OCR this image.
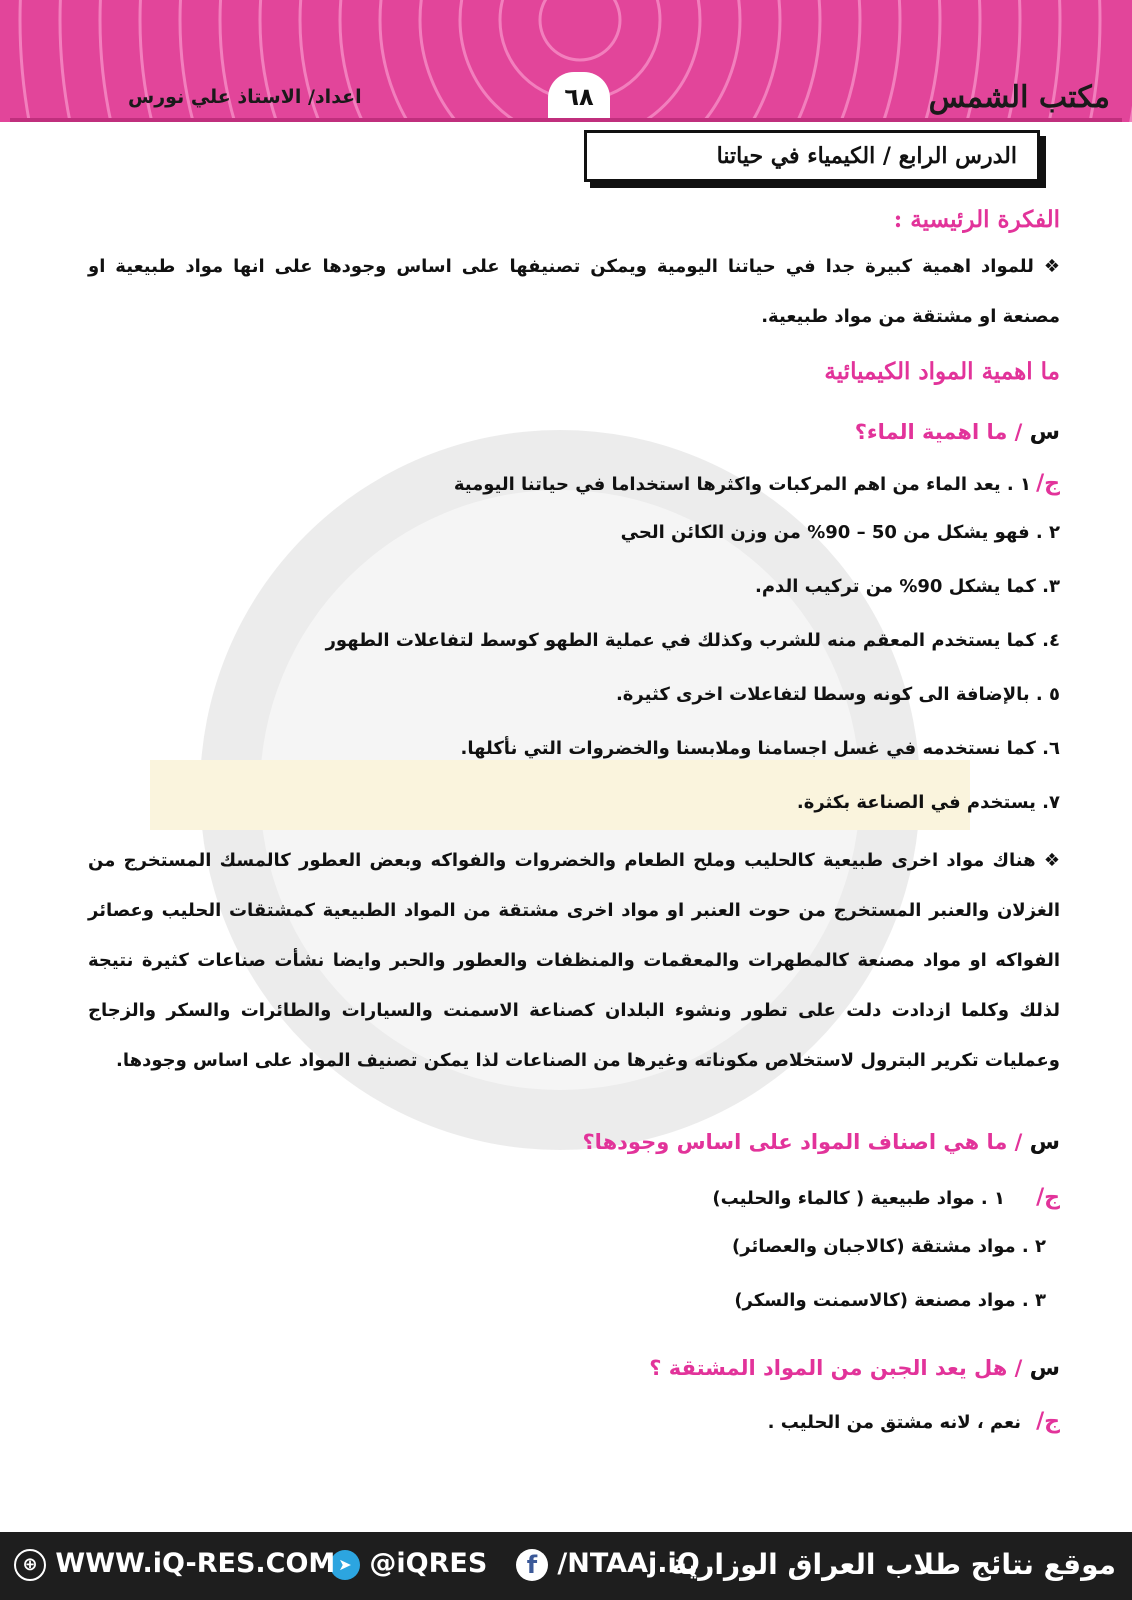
مكتب الشمس
اعداد/ الاستاذ علي نورس	٦٨
الدرس الرابع / الكيمياء في حياتنا
الفكرة الرئيسية :
❖ للمواد اهمية كبيرة جدا في حياتنا اليومية ويمكن تصنيفها على اساس وجودها على انها مواد طبيعية او مصنعة او مشتقة من مواد طبيعية.
ما اهمية المواد الكيميائية
س / ما اهمية الماء؟
ج/ ١ . يعد الماء من اهم المركبات واكثرها استخداما في حياتنا اليومية
٢ . فهو يشكل من 50 – 90% من وزن الكائن الحي
٣. كما يشكل 90% من تركيب الدم.
٤. كما يستخدم المعقم منه للشرب وكذلك في عملية الطهو كوسط لتفاعلات الطهور
٥ . بالإضافة الى كونه وسطا لتفاعلات اخرى كثيرة.
٦. كما نستخدمه في غسل اجسامنا وملابسنا والخضروات التي نأكلها.
٧. يستخدم في الصناعة بكثرة.
❖ هناك مواد اخرى طبيعية كالحليب وملح الطعام والخضروات والفواكه وبعض العطور كالمسك المستخرج من الغزلان والعنبر المستخرج من حوت العنبر او مواد اخرى مشتقة من المواد الطبيعية كمشتقات الحليب وعصائر الفواكه او مواد مصنعة كالمطهرات والمعقمات والمنظفات والعطور والحبر وايضا نشأت صناعات كثيرة نتيجة لذلك وكلما ازدادت دلت على تطور ونشوء البلدان كصناعة الاسمنت والسيارات والطائرات والسكر والزجاج وعمليات تكرير البترول لاستخلاص مكوناته وغيرها من الصناعات لذا يمكن تصنيف المواد على اساس وجودها.
س / ما هي اصناف المواد على اساس وجودها؟
ج/ ١ . مواد طبيعية ( كالماء والحليب)
٢ . مواد مشتقة (كالاجبان والعصائر)
٣ . مواد مصنعة (كالاسمنت والسكر)
س / هل يعد الجبن من المواد المشتقة ؟
ج/ نعم ، لانه مشتق من الحليب .
موقع نتائج طلاب العراق الوزارية
f /NTAAj.iQ
➤ @iQRES
⊕ WWW.iQ-RES.COM
